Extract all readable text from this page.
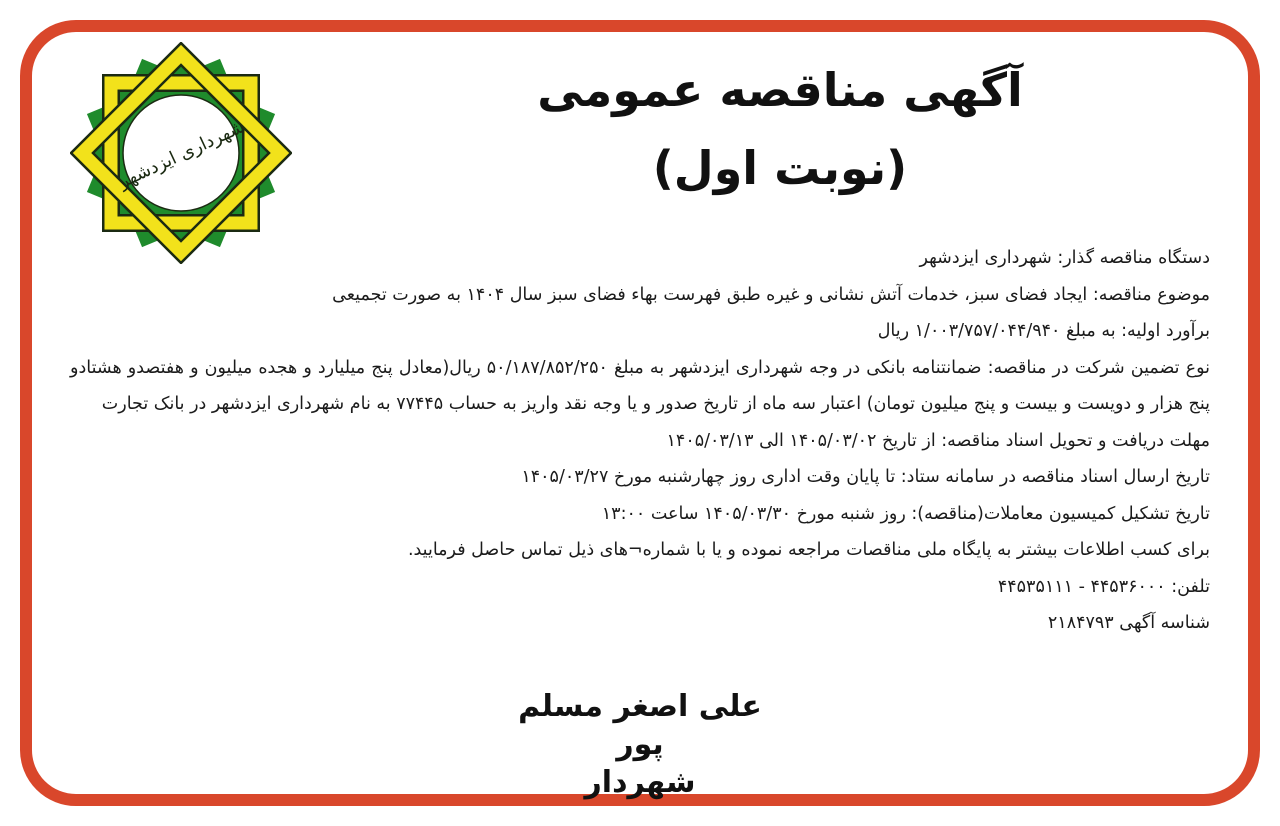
شهرداری ایزدشهر
آگهی مناقصه عمومی
(نوبت اول)

دستگاه مناقصه گذار: شهرداری ایزدشهر

موضوع مناقصه: ایجاد فضای سبز، خدمات آتش نشانی و غیره طبق فهرست بهاء فضای سبز سال ۱۴۰۴ به صورت تجمیعی

برآورد اولیه: به مبلغ ۱/۰۰۳/۷۵۷/۰۴۴/۹۴۰ ریال

نوع تضمین شرکت در مناقصه: ضمانتنامه بانکی در وجه شهرداری ایزدشهر به مبلغ ۵۰/۱۸۷/۸۵۲/۲۵۰ ریال(معادل پنج میلیارد و هجده میلیون و هفتصدو هشتادو پنج هزار و دویست و بیست و پنج میلیون تومان) اعتبار سه ماه از تاریخ صدور و یا وجه نقد واریز به حساب ۷۷۴۴۵ به نام شهرداری ایزدشهر در بانک تجارت

مهلت دریافت و تحویل اسناد مناقصه: از تاریخ ۱۴۰۵/۰۳/۰۲ الی ۱۴۰۵/۰۳/۱۳

تاریخ ارسال اسناد مناقصه در سامانه ستاد: تا پایان وقت اداری روز چهارشنبه مورخ ۱۴۰۵/۰۳/۲۷

تاریخ تشکیل کمیسیون معاملات(مناقصه): روز شنبه مورخ ۱۴۰۵/۰۳/۳۰ ساعت ۱۳:۰۰

برای کسب اطلاعات بیشتر به پایگاه ملی مناقصات مراجعه نموده و یا با شماره¬های ذیل تماس حاصل فرمایید.

تلفن: ۴۴۵۳۶۰۰۰ - ۴۴۵۳۵۱۱۱

شناسه آگهی ۲۱۸۴۷۹۳

علی اصغر مسلم پور
شهردار
